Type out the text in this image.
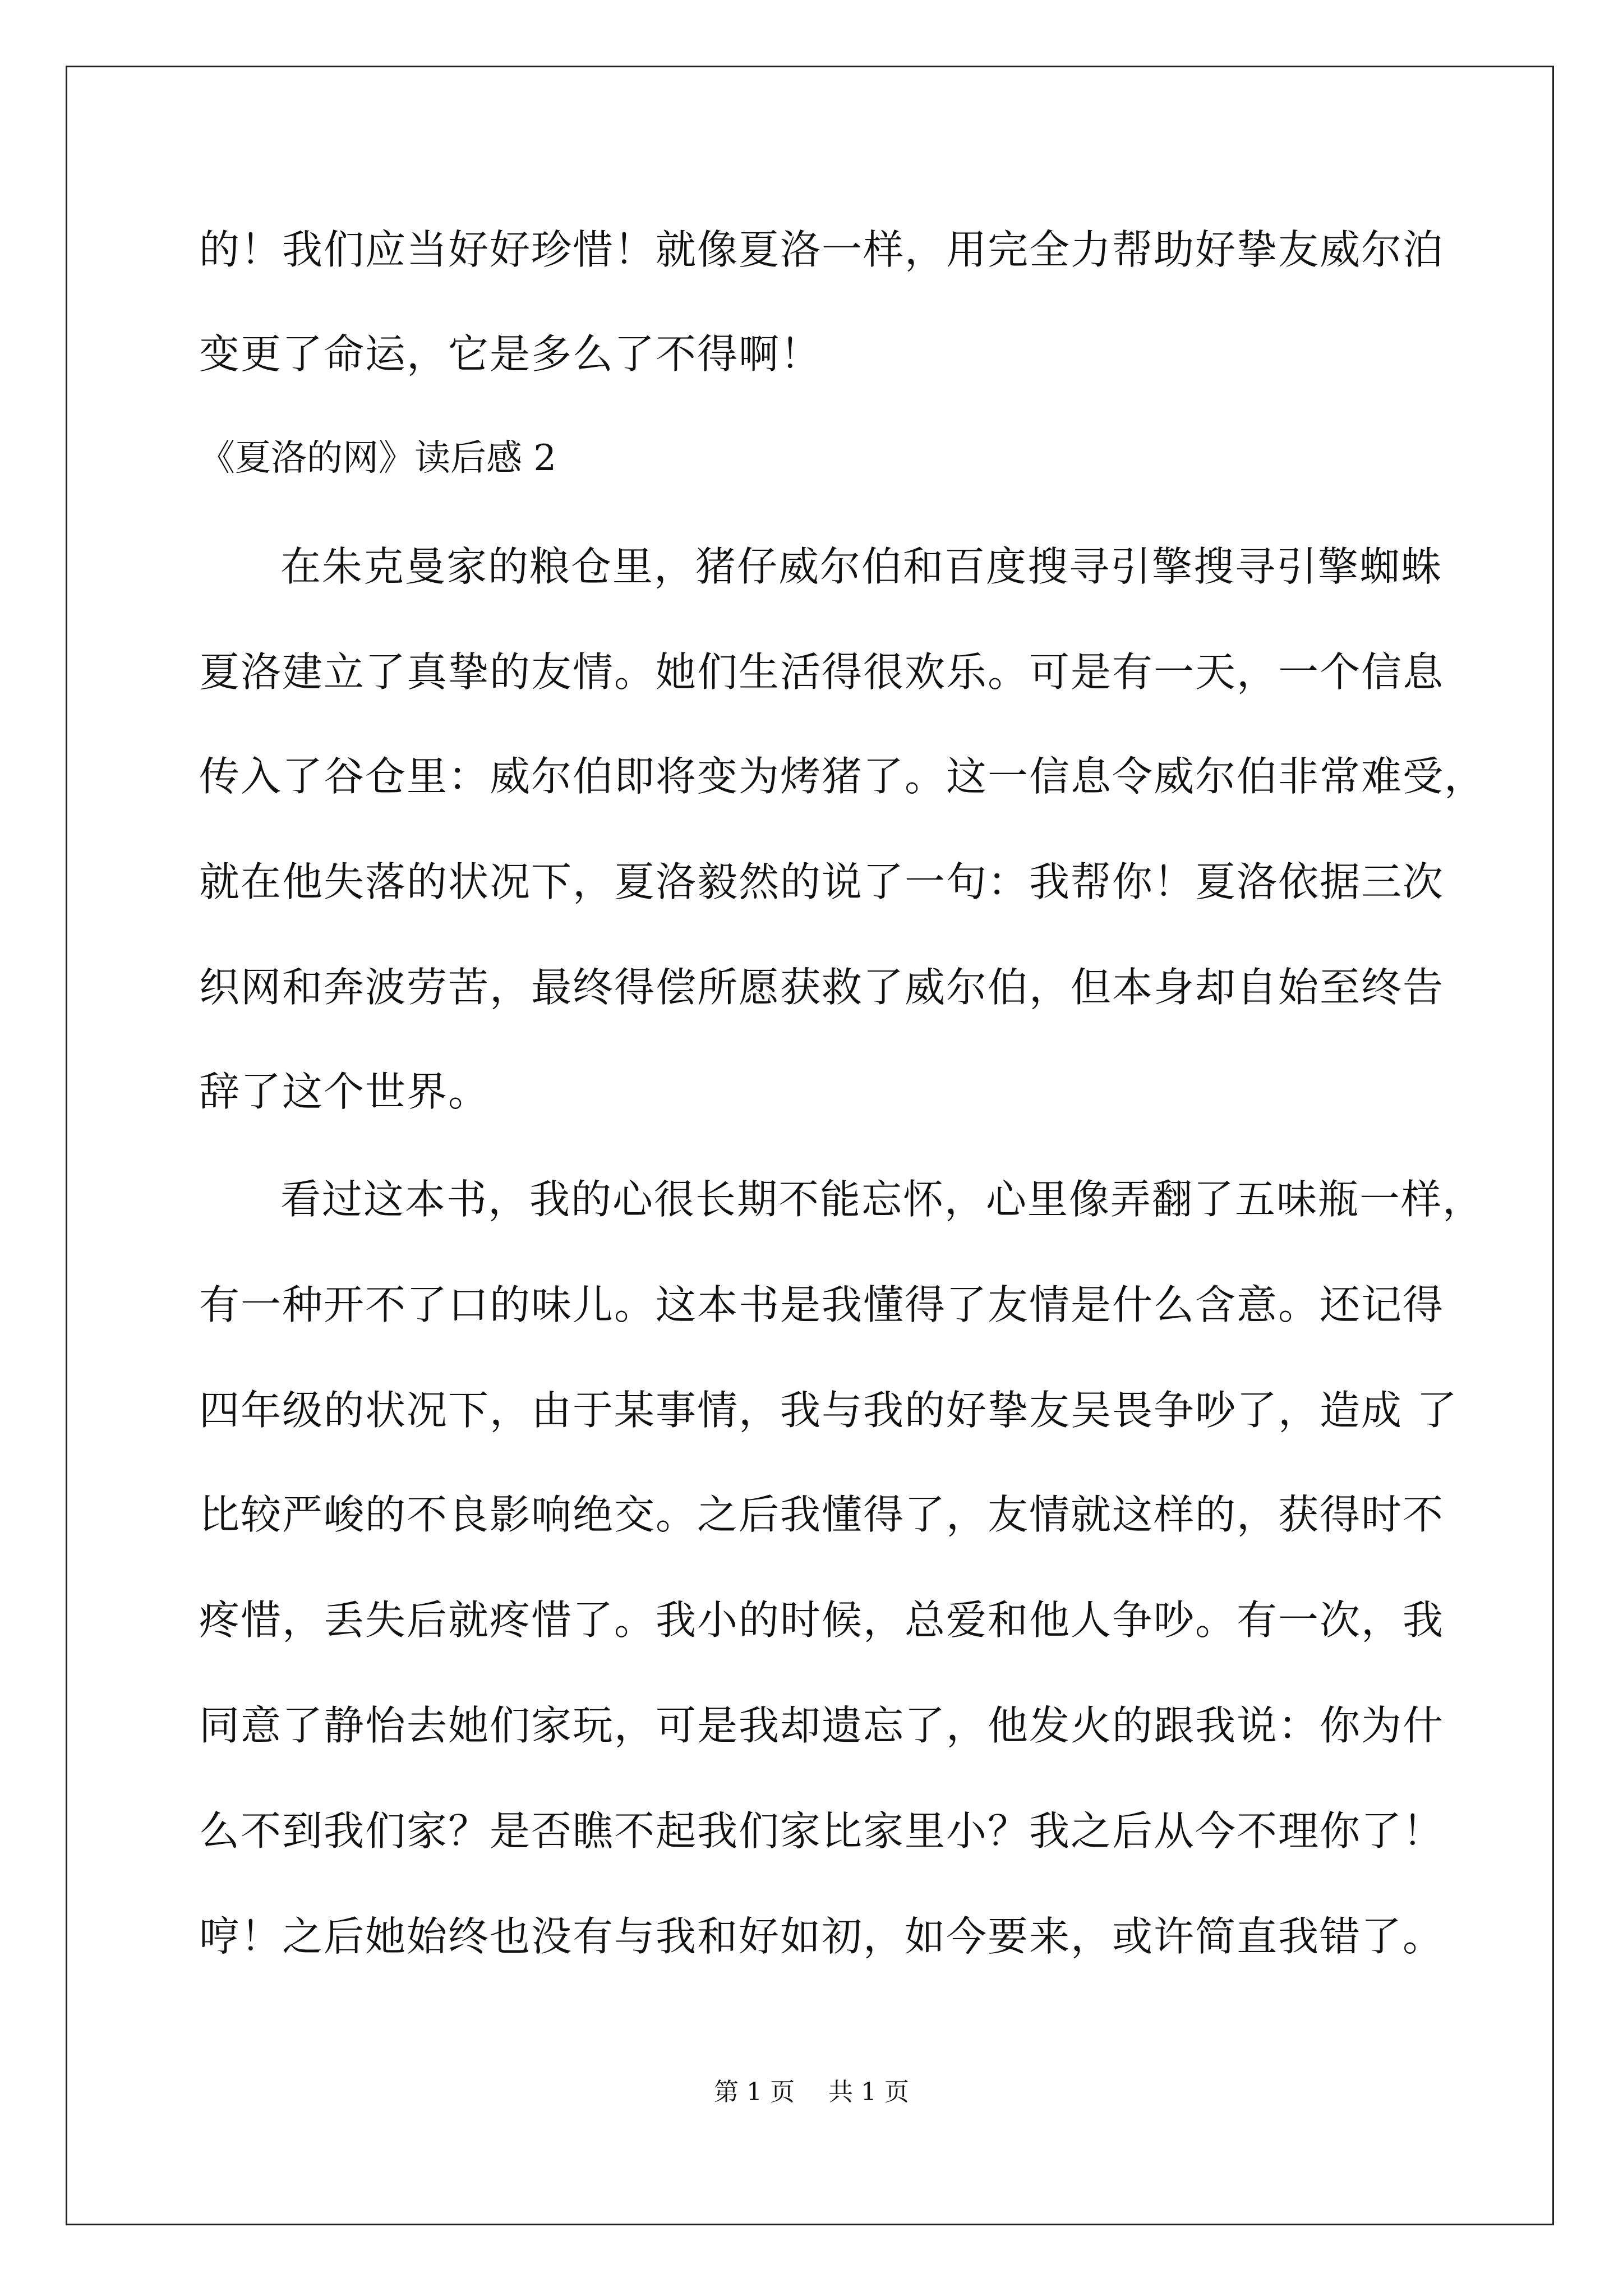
的！我们应当好好珍惜！就像夏洛一样，用完全力帮助好挚友威尔泊
变更了命运，它是多么了不得啊！
《夏洛的网》读后感 2
在朱克曼家的粮仓里，猪仔威尔伯和百度搜寻引擎搜寻引擎蜘蛛
夏洛建立了真挚的友情。她们生活得很欢乐。可是有一天，一个信息
传入了谷仓里：威尔伯即将变为烤猪了。这一信息令威尔伯非常难受，
就在他失落的状况下，夏洛毅然的说了一句：我帮你！夏洛依据三次
织网和奔波劳苦，最终得偿所愿获救了威尔伯，但本身却自始至终告
辞了这个世界。
看过这本书，我的心很长期不能忘怀，心里像弄翻了五味瓶一样，
有一种开不了口的味儿。这本书是我懂得了友情是什么含意。还记得
四年级的状况下，由于某事情，我与我的好挚友吴畏争吵了，造成 了
比较严峻的不良影响绝交。之后我懂得了，友情就这样的，获得时不
疼惜，丢失后就疼惜了。我小的时候，总爱和他人争吵。有一次，我
同意了静怡去她们家玩，可是我却遗忘了，他发火的跟我说：你为什
么不到我们家？是否瞧不起我们家比家里小？我之后从今不理你了！
哼！之后她始终也没有与我和好如初，如今要来，或许简直我错了。
第 1 页 共 1 页
